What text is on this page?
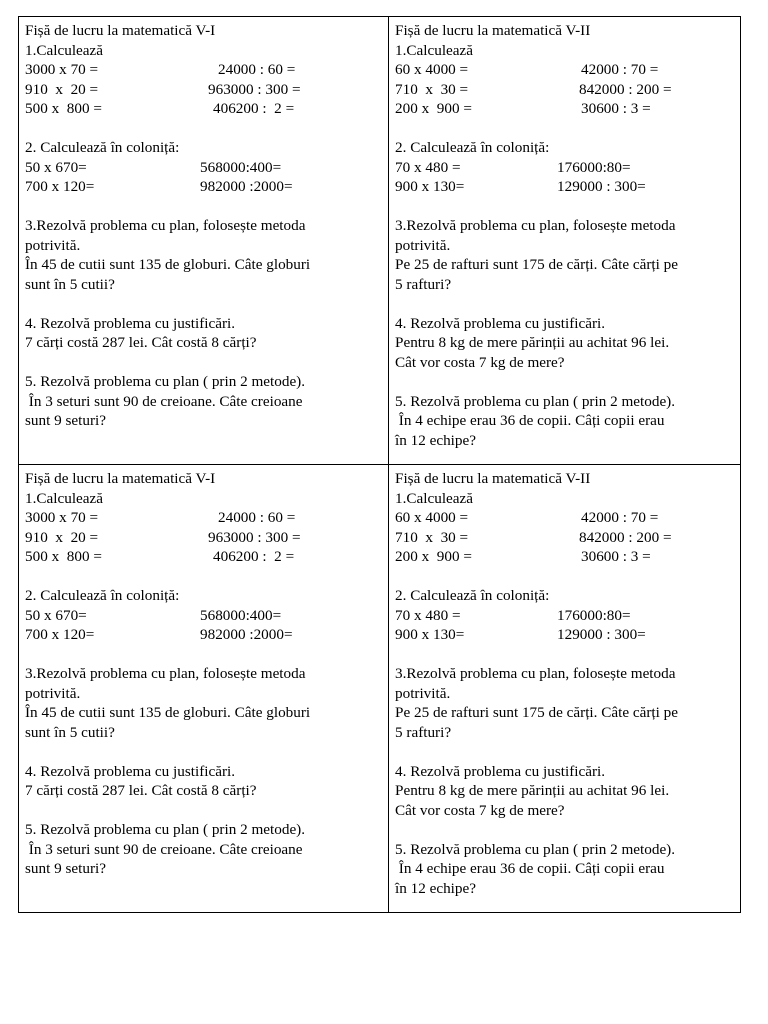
Fișă de lucru la matematică V-I
1.Calculează
3000 x 70 =	24000 : 60 =
910  x  20 =	963000 : 300 =
500 x  800 =	406200 :  2 =
2. Calculează în coloniță:
50 x 670=	568000:400=
700 x 120=	982000 :2000=
3.Rezolvă problema cu plan, folosește metoda
potrivită.
În 45 de cutii sunt 135 de globuri. Câte globuri
sunt în 5 cutii?
4. Rezolvă problema cu justificări.
7 cărți costă 287 lei. Cât costă 8 cărți?
5. Rezolvă problema cu plan ( prin 2 metode).
În 3 seturi sunt 90 de creioane. Câte creioane
sunt 9 seturi?
Fișă de lucru la matematică V-II
1.Calculează
60 x 4000 =	42000 : 70 =
710  x  30 =	842000 : 200 =
200 x  900 =	30600 : 3 =
2. Calculează în coloniță:
70 x 480 =	176000:80=
900 x 130=	129000 : 300=
3.Rezolvă problema cu plan, folosește metoda
potrivită.
Pe 25 de rafturi sunt 175 de cărți. Câte cărți pe
5 rafturi?
4. Rezolvă problema cu justificări.
Pentru 8 kg de mere părinții au achitat 96 lei.
Cât vor costa 7 kg de mere?
5. Rezolvă problema cu plan ( prin 2 metode).
În 4 echipe erau 36 de copii. Câți copii erau
în 12 echipe?
Fișă de lucru la matematică V-I
1.Calculează
3000 x 70 =	24000 : 60 =
910  x  20 =	963000 : 300 =
500 x  800 =	406200 :  2 =
2. Calculează în coloniță:
50 x 670=	568000:400=
700 x 120=	982000 :2000=
3.Rezolvă problema cu plan, folosește metoda
potrivită.
În 45 de cutii sunt 135 de globuri. Câte globuri
sunt în 5 cutii?
4. Rezolvă problema cu justificări.
7 cărți costă 287 lei. Cât costă 8 cărți?
5. Rezolvă problema cu plan ( prin 2 metode).
În 3 seturi sunt 90 de creioane. Câte creioane
sunt 9 seturi?
Fișă de lucru la matematică V-II
1.Calculează
60 x 4000 =	42000 : 70 =
710  x  30 =	842000 : 200 =
200 x  900 =	30600 : 3 =
2. Calculează în coloniță:
70 x 480 =	176000:80=
900 x 130=	129000 : 300=
3.Rezolvă problema cu plan, folosește metoda
potrivită.
Pe 25 de rafturi sunt 175 de cărți. Câte cărți pe
5 rafturi?
4. Rezolvă problema cu justificări.
Pentru 8 kg de mere părinții au achitat 96 lei.
Cât vor costa 7 kg de mere?
5. Rezolvă problema cu plan ( prin 2 metode).
În 4 echipe erau 36 de copii. Câți copii erau
în 12 echipe?
